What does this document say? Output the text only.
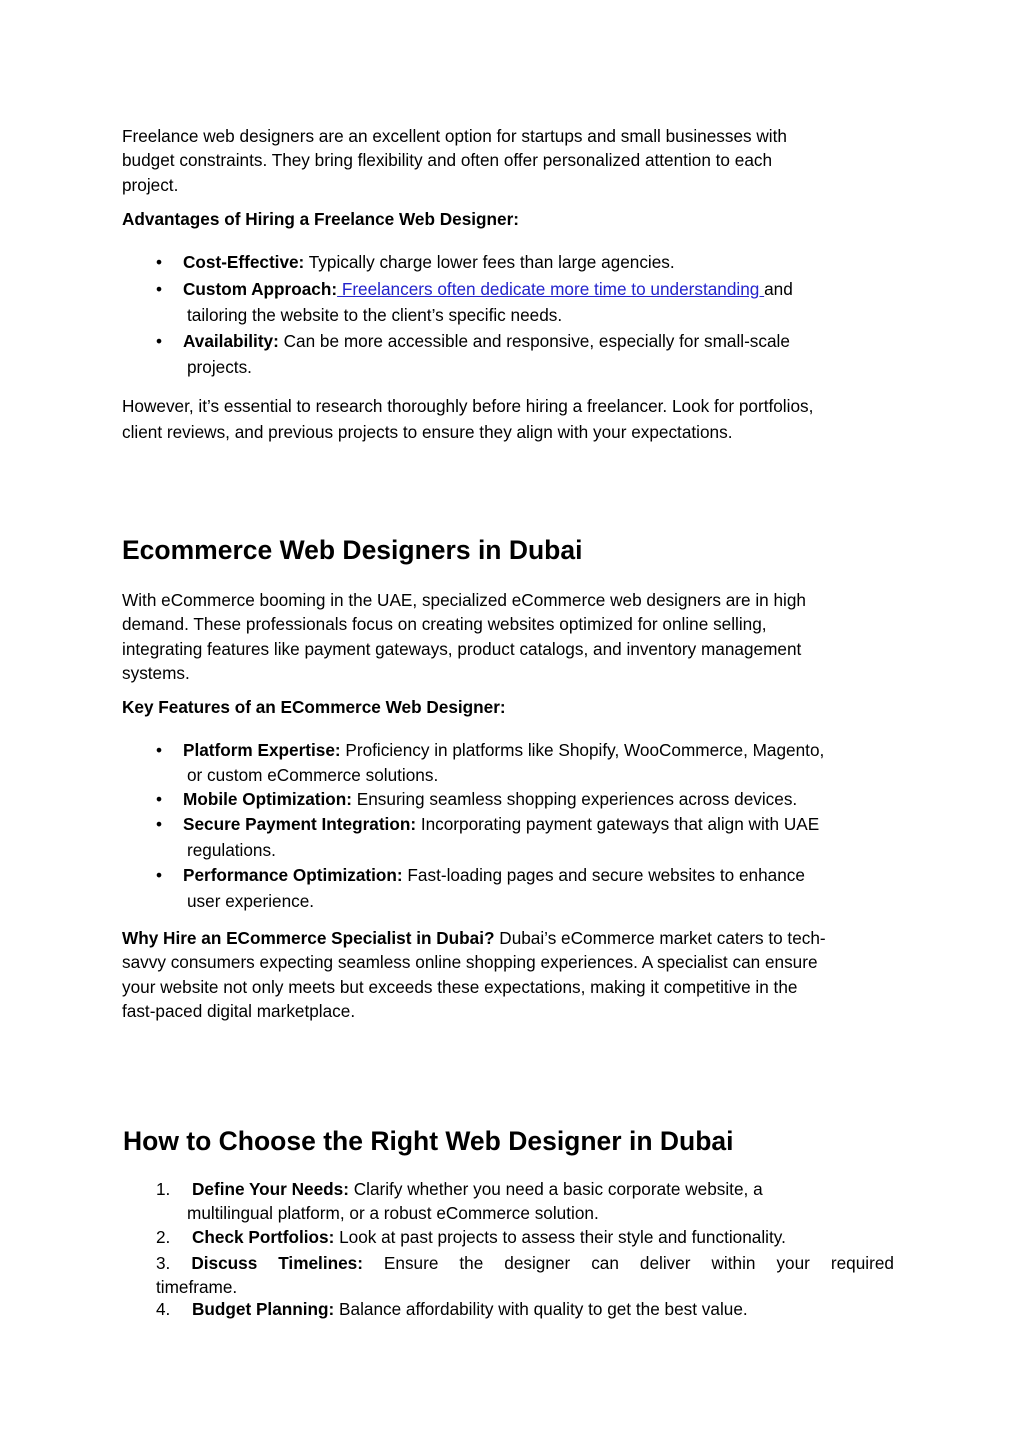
Freelance web designers are an excellent option for startups and small businesses with
budget constraints. They bring flexibility and often offer personalized attention to each
project.

Advantages of Hiring a Freelance Web Designer:

•	Cost-Effective: Typically charge lower fees than large agencies.
•	Custom Approach: Freelancers often dedicate more time to understanding and
tailoring the website to the client’s specific needs.
•	Availability: Can be more accessible and responsive, especially for small-scale
projects.

However, it’s essential to research thoroughly before hiring a freelancer. Look for portfolios,
client reviews, and previous projects to ensure they align with your expectations.

Ecommerce Web Designers in Dubai

With eCommerce booming in the UAE, specialized eCommerce web designers are in high
demand. These professionals focus on creating websites optimized for online selling,
integrating features like payment gateways, product catalogs, and inventory management
systems.

Key Features of an ECommerce Web Designer:

•	Platform Expertise: Proficiency in platforms like Shopify, WooCommerce, Magento,
or custom eCommerce solutions.
•	Mobile Optimization: Ensuring seamless shopping experiences across devices.
•	Secure Payment Integration: Incorporating payment gateways that align with UAE
regulations.
•	Performance Optimization: Fast-loading pages and secure websites to enhance
user experience.

Why Hire an ECommerce Specialist in Dubai? Dubai’s eCommerce market caters to tech-
savvy consumers expecting seamless online shopping experiences. A specialist can ensure
your website not only meets but exceeds these expectations, making it competitive in the
fast-paced digital marketplace.

How to Choose the Right Web Designer in Dubai
1.	Define Your Needs: Clarify whether you need a basic corporate website, a
multilingual platform, or a robust eCommerce solution.
2.	Check Portfolios: Look at past projects to assess their style and functionality.
3. Discuss Timelines: Ensure the designer can deliver within your required
timeframe.
4.	Budget Planning: Balance affordability with quality to get the best value.
